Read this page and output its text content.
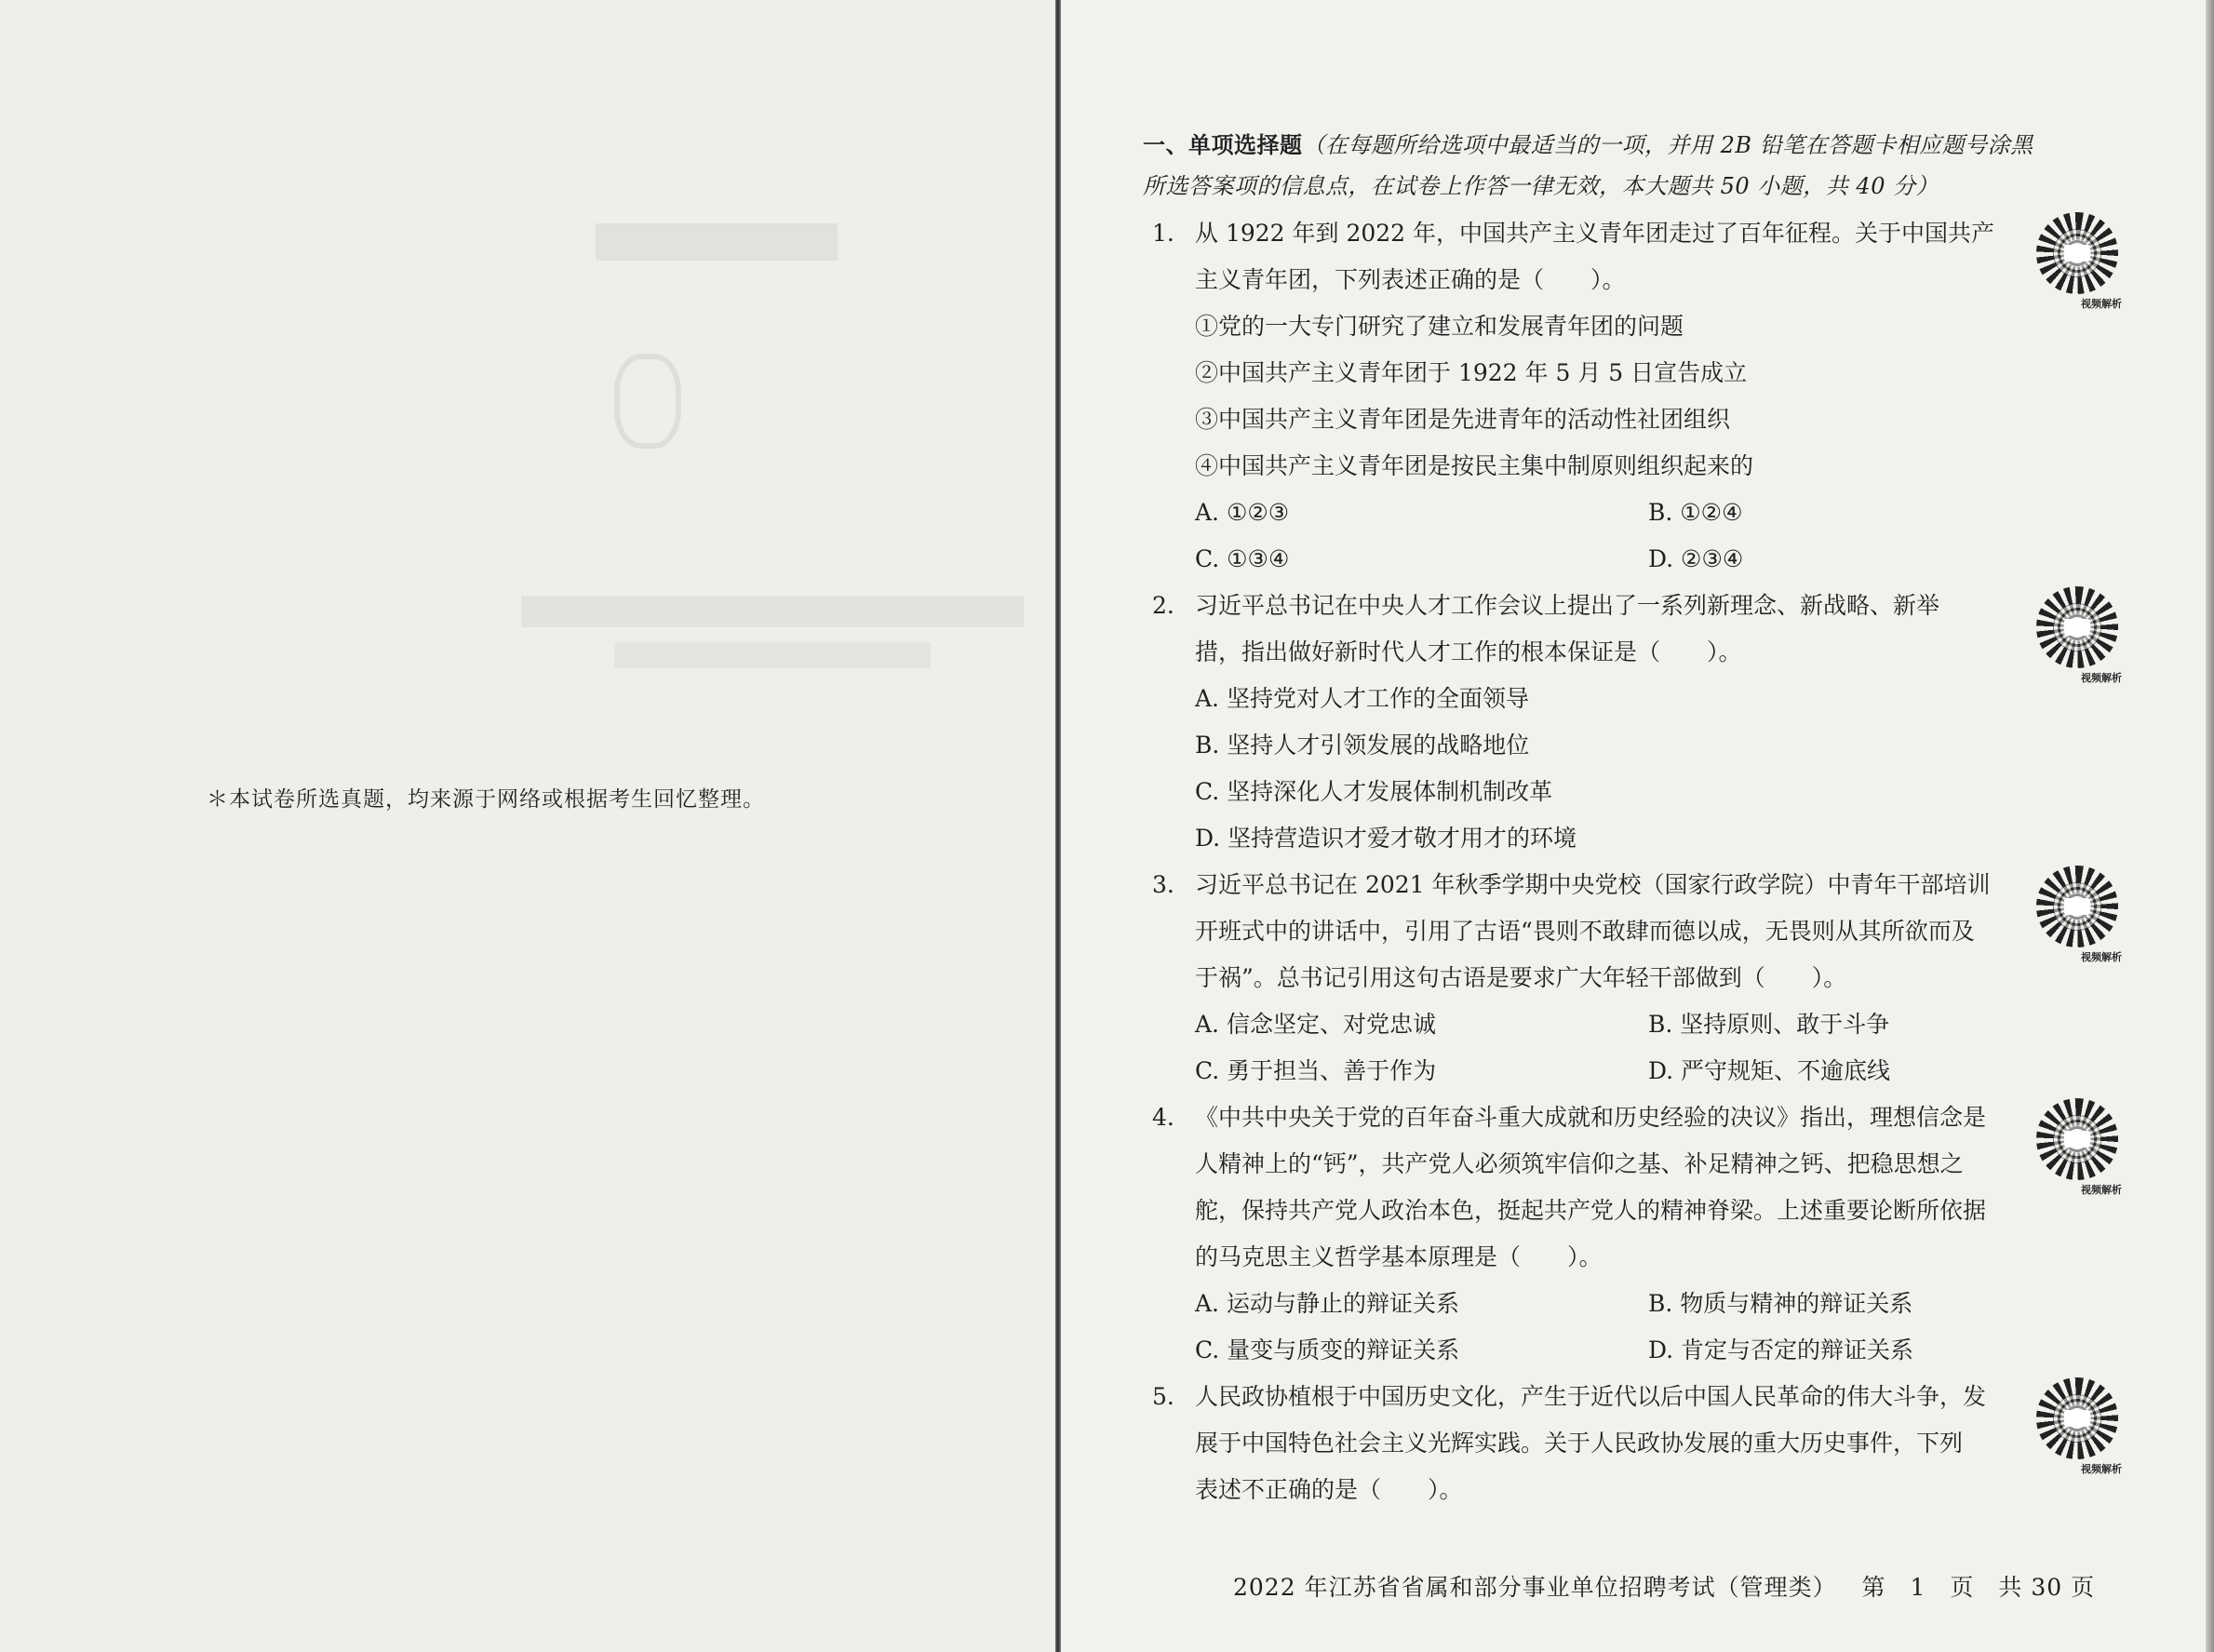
＊本试卷所选真题，均来源于网络或根据考生回忆整理。
一、单项选择题（在每题所给选项中最适当的一项，并用 2B 铅笔在答题卡相应题号涂黑
所选答案项的信息点，在试卷上作答一律无效，本大题共 50 小题，共 40 分）
视频解析
1. 从 1922 年到 2022 年，中国共产主义青年团走过了百年征程。关于中国共产
主义青年团，下列表述正确的是（　　）。
①党的一大专门研究了建立和发展青年团的问题
②中国共产主义青年团于 1922 年 5 月 5 日宣告成立
③中国共产主义青年团是先进青年的活动性社团组织
④中国共产主义青年团是按民主集中制原则组织起来的
A. ①②③	B. ①②④
C. ①③④	D. ②③④
视频解析
2. 习近平总书记在中央人才工作会议上提出了一系列新理念、新战略、新举
措，指出做好新时代人才工作的根本保证是（　　）。
A. 坚持党对人才工作的全面领导
B. 坚持人才引领发展的战略地位
C. 坚持深化人才发展体制机制改革
D. 坚持营造识才爱才敬才用才的环境
视频解析
3. 习近平总书记在 2021 年秋季学期中央党校（国家行政学院）中青年干部培训
开班式中的讲话中，引用了古语“畏则不敢肆而德以成，无畏则从其所欲而及
于祸”。总书记引用这句古语是要求广大年轻干部做到（　　）。
A. 信念坚定、对党忠诚	B. 坚持原则、敢于斗争
C. 勇于担当、善于作为	D. 严守规矩、不逾底线
视频解析
4. 《中共中央关于党的百年奋斗重大成就和历史经验的决议》指出，理想信念是
人精神上的“钙”，共产党人必须筑牢信仰之基、补足精神之钙、把稳思想之
舵，保持共产党人政治本色，挺起共产党人的精神脊梁。上述重要论断所依据
的马克思主义哲学基本原理是（　　）。
A. 运动与静止的辩证关系	B. 物质与精神的辩证关系
C. 量变与质变的辩证关系	D. 肯定与否定的辩证关系
视频解析
5. 人民政协植根于中国历史文化，产生于近代以后中国人民革命的伟大斗争，发
展于中国特色社会主义光辉实践。关于人民政协发展的重大历史事件，下列
表述不正确的是（　　）。
2022 年江苏省省属和部分事业单位招聘考试（管理类） 第　1　页　共 30 页
